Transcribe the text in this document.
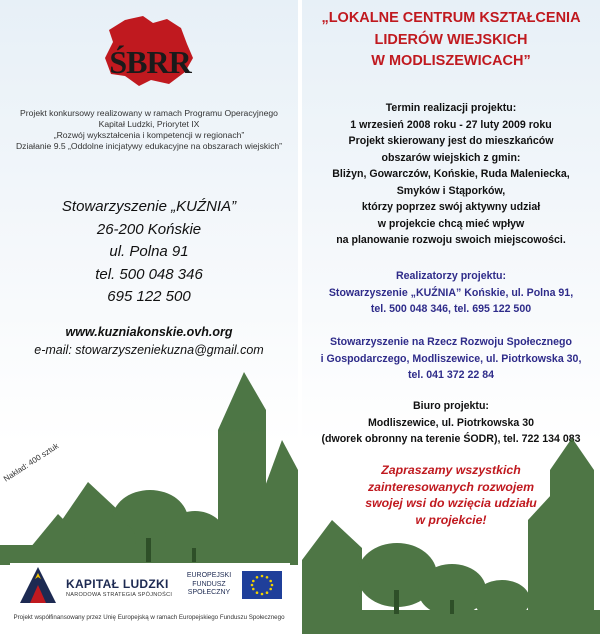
ŚBRR
Projekt konkursowy realizowany w ramach Programu Operacyjnego
Kapitał Ludzki, Priorytet IX
„Rozwój wykształcenia i kompetencji w regionach”
Działanie 9.5 „Oddolne inicjatywy edukacyjne na obszarach wiejskich”
Stowarzyszenie „KUŹNIA”
26-200 Końskie
ul. Polna 91
tel. 500 048 346
695 122 500
www.kuzniakonskie.ovh.org
e-mail: stowarzyszeniekuzna@gmail.com
Nakład: 400 sztuk
KAPITAŁ LUDZKI
NARODOWA STRATEGIA SPÓJNOŚCI
EUROPEJSKI
FUNDUSZ
SPOŁECZNY
Projekt współfinansowany przez Unię Europejską w ramach Europejskiego Funduszu Społecznego
„LOKALNE CENTRUM KSZTAŁCENIA
LIDERÓW WIEJSKICH
W MODLISZEWICACH”
Termin realizacji projektu:
1 wrzesień 2008 roku - 27 luty 2009 roku
Projekt skierowany jest do mieszkańców
obszarów wiejskich z gmin:
Bliżyn, Gowarczów, Końskie, Ruda Maleniecka,
Smyków i Stąporków,
którzy poprzez swój aktywny udział
w projekcie chcą mieć wpływ
na planowanie rozwoju swoich miejscowości.
Realizatorzy projektu:
Stowarzyszenie „KUŹNIA” Końskie, ul. Polna 91,
tel. 500 048 346, tel. 695 122 500
Stowarzyszenie na Rzecz Rozwoju Społecznego
i Gospodarczego, Modliszewice, ul. Piotrkowska 30,
tel. 041 372 22 84
Biuro projektu:
Modliszewice, ul. Piotrkowska 30
(dworek obronny na terenie ŚODR), tel. 722 134 083
Zapraszamy wszystkich
zainteresowanych rozwojem
swojej wsi do wzięcia udziału
w projekcie!
